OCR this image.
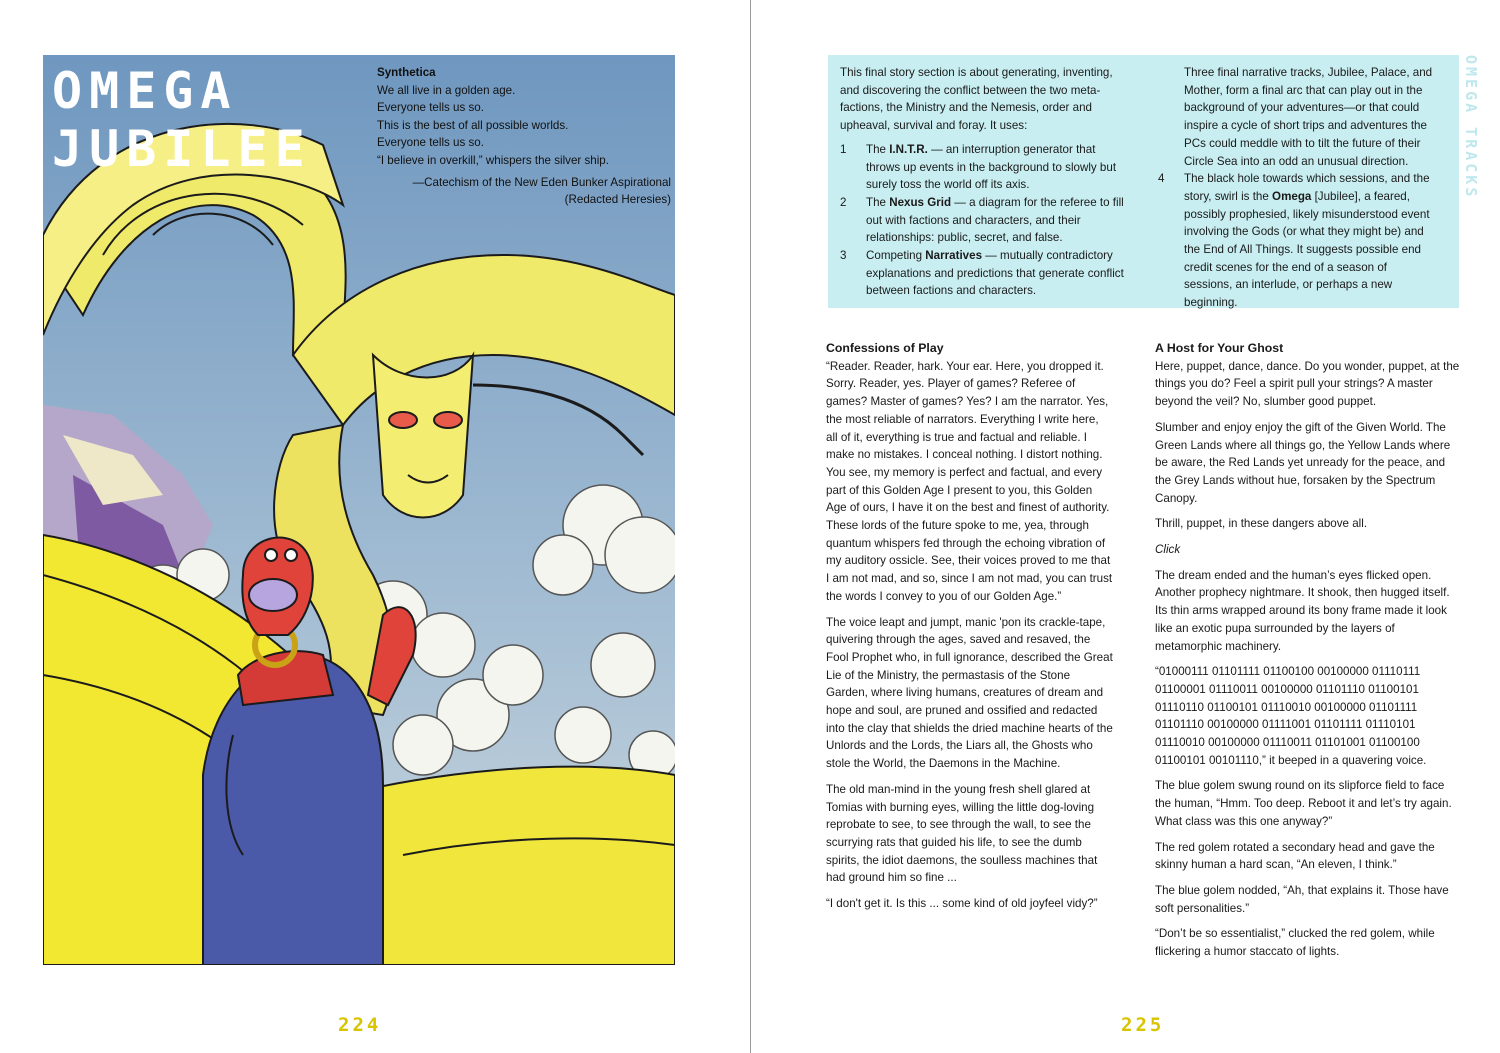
OMEGA
JUBILEE
Synthetica
We all live in a golden age.
Everyone tells us so.
This is the best of all possible worlds.
Everyone tells us so.
“I believe in overkill,” whispers the silver ship.
—Catechism of the New Eden Bunker Aspirational
(Redacted Heresies)
224

This final story section is about generating, inventing, and discovering the conflict between the two meta-factions, the Ministry and the Nemesis, order and upheaval, survival and foray. It uses:

1	The I.N.T.R. — an interruption generator that throws up events in the background to slowly but surely toss the world off its axis.
2	The Nexus Grid — a diagram for the referee to fill out with factions and characters, and their relationships: public, secret, and false.
3	Competing Narratives — mutually contradictory explanations and predictions that generate conflict between factions and characters.
Three final narrative tracks, Jubilee, Palace, and Mother, form a final arc that can play out in the background of your adventures—or that could inspire a cycle of short trips and adventures the PCs could meddle with to tilt the future of their Circle Sea into an odd an unusual direction.
4	The black hole towards which sessions, and the story, swirl is the Omega [Jubilee], a feared, possibly prophesied, likely misunderstood event involving the Gods (or what they might be) and the End of All Things. It suggests possible end credit scenes for the end of a season of sessions, an interlude, or perhaps a new beginning.
Confessions of Play

“Reader. Reader, hark. Your ear. Here, you dropped it. Sorry. Reader, yes. Player of games? Referee of games? Master of games? Yes? I am the narrator. Yes, the most reliable of narrators. Everything I write here, all of it, everything is true and factual and reliable. I make no mistakes. I conceal nothing. I distort nothing. You see, my memory is perfect and factual, and every part of this Golden Age I present to you, this Golden Age of ours, I have it on the best and finest of authority. These lords of the future spoke to me, yea, through quantum whispers fed through the echoing vibration of my auditory ossicle. See, their voices proved to me that I am not mad, and so, since I am not mad, you can trust the words I convey to you of our Golden Age.”

The voice leapt and jumpt, manic 'pon its crackle-tape, quivering through the ages, saved and resaved, the Fool Prophet who, in full ignorance, described the Great Lie of the Ministry, the permastasis of the Stone Garden, where living humans, creatures of dream and hope and soul, are pruned and ossified and redacted into the clay that shields the dried machine hearts of the Unlords and the Lords, the Liars all, the Ghosts who stole the World, the Daemons in the Machine.

The old man-mind in the young fresh shell glared at Tomias with burning eyes, willing the little dog-loving reprobate to see, to see through the wall, to see the scurrying rats that guided his life, to see the dumb spirits, the idiot daemons, the soulless machines that had ground him so fine ...

“I don't get it. Is this ... some kind of old joyfeel vidy?”

A Host for Your Ghost

Here, puppet, dance, dance. Do you wonder, puppet, at the things you do? Feel a spirit pull your strings? A master beyond the veil? No, slumber good puppet.

Slumber and enjoy enjoy the gift of the Given World. The Green Lands where all things go, the Yellow Lands where be aware, the Red Lands yet unready for the peace, and the Grey Lands without hue, forsaken by the Spectrum Canopy.

Thrill, puppet, in these dangers above all.

Click

The dream ended and the human’s eyes flicked open. Another prophecy nightmare. It shook, then hugged itself. Its thin arms wrapped around its bony frame made it look like an exotic pupa surrounded by the layers of metamorphic machinery.

“01000111 01101111 01100100 00100000 01110111 01100001 01110011 00100000 01101110 01100101 01110110 01100101 01110010 00100000 01101111 01101110 00100000 01111001 01101111 01110101 01110010 00100000 01110011 01101001 01100100 01100101 00101110,” it beeped in a quavering voice.

The blue golem swung round on its slipforce field to face the human, “Hmm. Too deep. Reboot it and let’s try again. What class was this one anyway?”

The red golem rotated a secondary head and gave the skinny human a hard scan, “An eleven, I think.”

The blue golem nodded, “Ah, that explains it. Those have soft personalities.”

“Don’t be so essentialist,” clucked the red golem, while flickering a humor staccato of lights.

225
OMEGA TRACKS
